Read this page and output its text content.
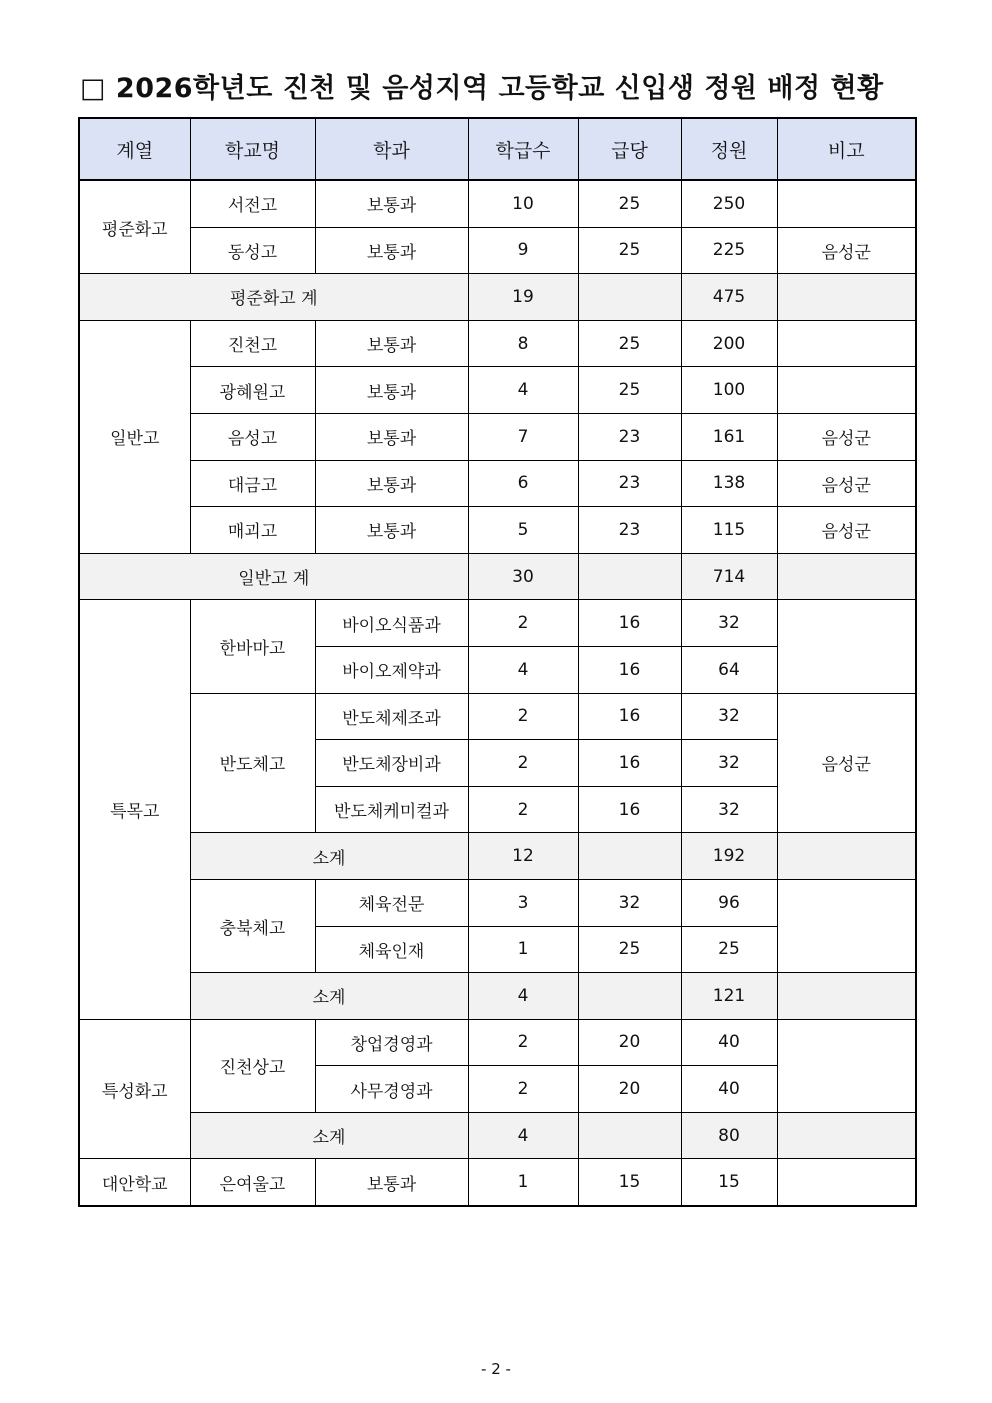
□ 2026학년도 진천 및 음성지역 고등학교 신입생 정원 배정 현황
계열	학교명	학과	학급수	급당	정원	비고
평준화고	서전고	보통과	10	25	250	
	동성고	보통과	9	25	225	음성군
평준화고 계			19		475	
일반고	진천고	보통과	8	25	200	
	광혜원고	보통과	4	25	100	
	음성고	보통과	7	23	161	음성군
	대금고	보통과	6	23	138	음성군
	매괴고	보통과	5	23	115	음성군
일반고 계			30		714	
특목고	한바마고	바이오식품과	2	16	32	
		바이오제약과	4	16	64	
	반도체고	반도체제조과	2	16	32	음성군
		반도체장비과	2	16	32	
		반도체케미컬과	2	16	32	
	소계		12		192	
	충북체고	체육전문	3	32	96	
		체육인재	1	25	25	
	소계		4		121	
특성화고	진천상고	창업경영과	2	20	40	
		사무경영과	2	20	40	
	소계		4		80	
대안학교	은여울고	보통과	1	15	15	
- 2 -
